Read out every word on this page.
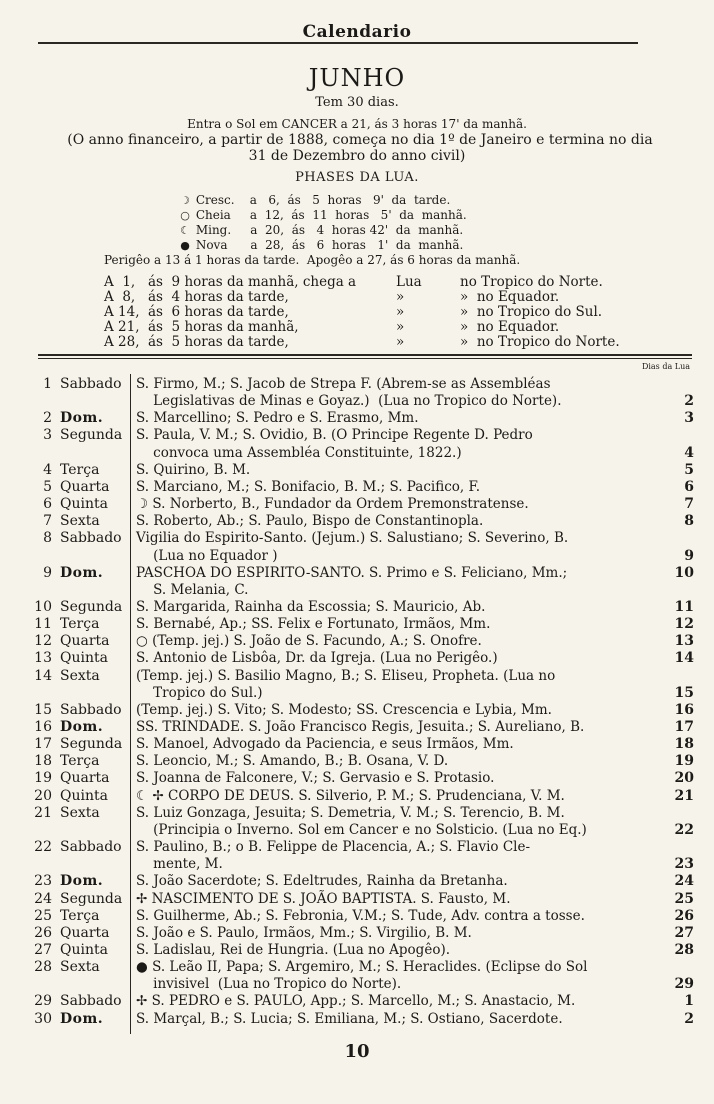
Calendario
JUNHO
Tem 30 dias.
Entra o Sol em CANCER a 21, ás 3 horas 17' da manhã.
(O anno financeiro, a partir de 1888, começa no dia 1º de Janeiro e termina no dia
31 de Dezembro do anno civil)
PHASES DA LUA.
☽ Cresc.    a   6,  ás   5  horas   9'  da  tarde.
○ Cheia     a  12,  ás  11  horas   5'  da  manhã.
☾ Ming.     a  20,  ás   4  horas 42'  da  manhã.
● Nova      a  28,  ás   6  horas   1'  da  manhã.
Perigêo a 13 á 1 horas da tarde.  Apogêo a 27, ás 6 horas da manhã.
A  1, ás  9 horas da manhã, chega a	Lua	no Tropico do Norte.
A  8, ás  4 horas da tarde,	»	»  no Equador.
A 14, ás  6 horas da tarde,	»	»  no Tropico do Sul.
A 21, ás  5 horas da manhã,	»	»  no Equador.
A 28, ás  5 horas da tarde,	»	»  no Tropico do Norte.
Dias da Lua
1 Sabbado S. Firmo, M.; S. Jacob de Strepa F. (Abrem-se as Assembléas
Legislativas de Minas e Goyaz.)  (Lua no Tropico do Norte).	2
2 Dom. S. Marcellino; S. Pedro e S. Erasmo, Mm.	3
3 Segunda S. Paula, V. M.; S. Ovidio, B. (O Principe Regente D. Pedro
convoca uma Assembléa Constituinte, 1822.)	4
4 Terça	S. Quirino, B. M.	5
5 Quarta S. Marciano, M.; S. Bonifacio, B. M.; S. Pacifico, F.	6
6 Quinta ☽ S. Norberto, B., Fundador da Ordem Premonstratense.	7
7 Sexta	S. Roberto, Ab.; S. Paulo, Bispo de Constantinopla.	8
8 Sabbado Vigilia do Espirito-Santo. (Jejum.) S. Salustiano; S. Severino, B.
(Lua no Equador )	9
9 Dom. PASCHOA DO ESPIRITO-SANTO. S. Primo e S. Feliciano, Mm.;	10
S. Melania, C.
10 Segunda S. Margarida, Rainha da Escossia; S. Mauricio, Ab.	11
11 Terça	S. Bernabé, Ap.; SS. Felix e Fortunato, Irmãos, Mm.	12
12 Quarta ○ (Temp. jej.) S. João de S. Facundo, A.; S. Onofre.	13
13 Quinta S. Antonio de Lisbôa, Dr. da Igreja. (Lua no Perigêo.)	14
14 Sexta	(Temp. jej.) S. Basilio Magno, B.; S. Eliseu, Propheta. (Lua no
Tropico do Sul.)	15
15 Sabbado (Temp. jej.) S. Vito; S. Modesto; SS. Crescencia e Lybia, Mm.	16
16 Dom. SS. TRINDADE. S. João Francisco Regis, Jesuita.; S. Aureliano, B.	17
17 Segunda S. Manoel, Advogado da Paciencia, e seus Irmãos, Mm.	18
18 Terça	S. Leoncio, M.; S. Amando, B.; B. Osana, V. D.	19
19 Quarta S. Joanna de Falconere, V.; S. Gervasio e S. Protasio.	20
20 Quinta ☾ ✢ CORPO DE DEUS. S. Silverio, P. M.; S. Prudenciana, V. M.	21
21 Sexta	S. Luiz Gonzaga, Jesuita; S. Demetria, V. M.; S. Terencio, B. M.
(Principia o Inverno. Sol em Cancer e no Solsticio. (Lua no Eq.)	22
22 Sabbado S. Paulino, B.; o B. Felippe de Placencia, A.; S. Flavio Cle-
mente, M.	23
23 Dom. S. João Sacerdote; S. Edeltrudes, Rainha da Bretanha.	24
24 Segunda ✢ NASCIMENTO DE S. JOÃO BAPTISTA. S. Fausto, M.	25
25 Terça	S. Guilherme, Ab.; S. Febronia, V.M.; S. Tude, Adv. contra a tosse.	26
26 Quarta S. João e S. Paulo, Irmãos, Mm.; S. Virgilio, B. M.	27
27 Quinta S. Ladislau, Rei de Hungria. (Lua no Apogêo).	28
28 Sexta	● S. Leão II, Papa; S. Argemiro, M.; S. Heraclides. (Eclipse do Sol
invisivel  (Lua no Tropico do Norte).	29
29 Sabbado ✢ S. PEDRO e S. PAULO, App.; S. Marcello, M.; S. Anastacio, M.	1
30 Dom. S. Marçal, B.; S. Lucia; S. Emiliana, M.; S. Ostiano, Sacerdote.	2
10
